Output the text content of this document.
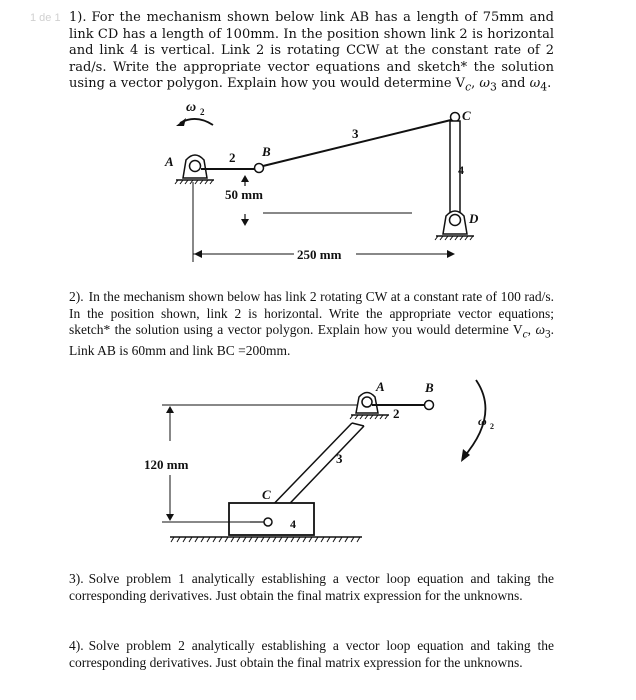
1 de 1 1). For the mechanism shown below link AB has a length of 75mm and link CD has a length of 100mm. In the position shown link 2 is horizontal and link 4 is vertical. Link 2 is rotating CCW at the constant rate of 2 rad/s. Write the appropriate vector equations and sketch* the solution using a vector polygon. Explain how you would determine $V_c$, $\omega_3$ and $\omega_4$.

ω 2
A	2 B
3
C
4
D
50 mm
250 mm

2). In the mechanism shown below has link 2 rotating CW at a constant rate of 100 rad/s. In the position shown, link 2 is horizontal. Write the appropriate vector equations; sketch* the solution using a vector polygon. Explain how you would determine $V_c$, $\omega_3$. Link AB is 60mm and link BC =200mm.

A
2
B
ω 2
3
C
4
120 mm

3). Solve problem 1 analytically establishing a vector loop equation and taking the corresponding derivatives. Just obtain the final matrix expression for the unknowns.

4). Solve problem 2 analytically establishing a vector loop equation and taking the corresponding derivatives. Just obtain the final matrix expression for the unknowns.
